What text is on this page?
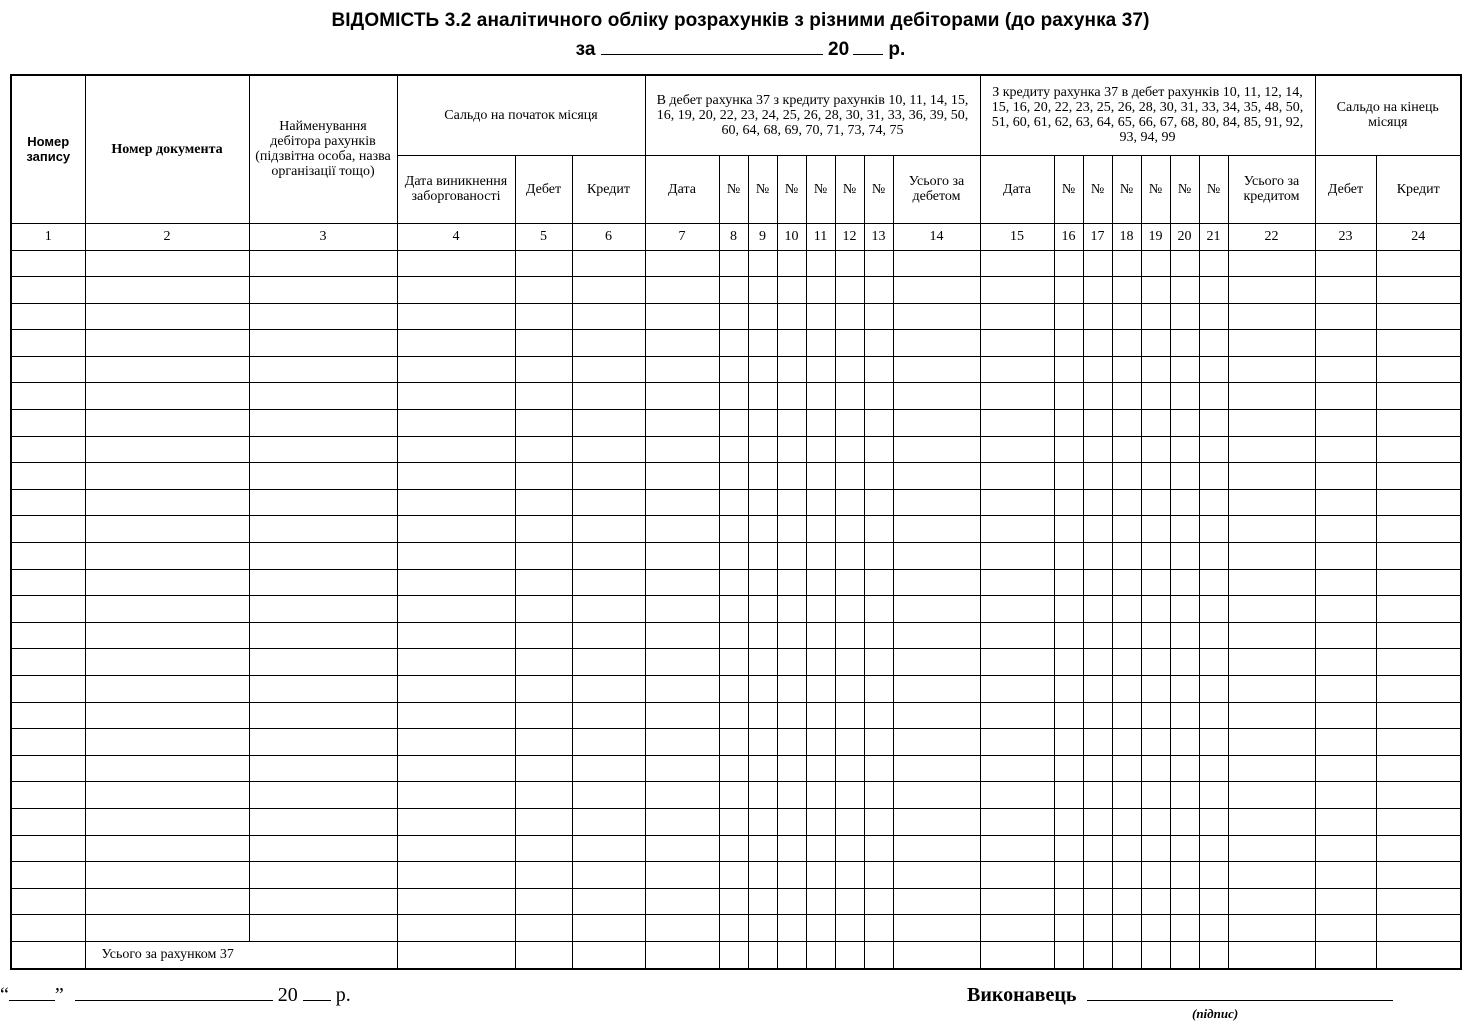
ВІДОМІСТЬ 3.2 аналітичного обліку розрахунків з різними дебіторами (до рахунка 37)
за	20 р.
Номер запису	Номер документа	Найменування дебітора рахунків (підзвітна особа, назва організації тощо)	Сальдо на початок місяця			В дебет рахунка 37 з кредиту рахунків 10, 11, 14, 15, 16, 19, 20, 22, 23, 24, 25, 26, 28, 30, 31, 33, 36, 39, 50, 60, 64, 68, 69, 70, 71, 73, 74, 75								З кредиту рахунка 37 в дебет рахунків 10, 11, 12, 14, 15, 16, 20, 22, 23, 25, 26, 28, 30, 31, 33, 34, 35, 48, 50, 51, 60, 61, 62, 63, 64, 65, 66, 67, 68, 80, 84, 85, 91, 92, 93, 94, 99								Сальдо на кінець місяця	
			Дата виникнення заборгованості	Дебет	Кредит	Дата	№	№	№	№	№	№	Усього за дебетом	Дата	№	№	№	№	№	№	Усього за кредитом	Дебет	Кредит
1	2	3	4	5	6	7	8	9	10	11	12	13	14	15	16	17	18	19	20	21	22	23	24

	Усього за рахунком 37																						
“ ”	20 р.	Виконавець
(підпис)
